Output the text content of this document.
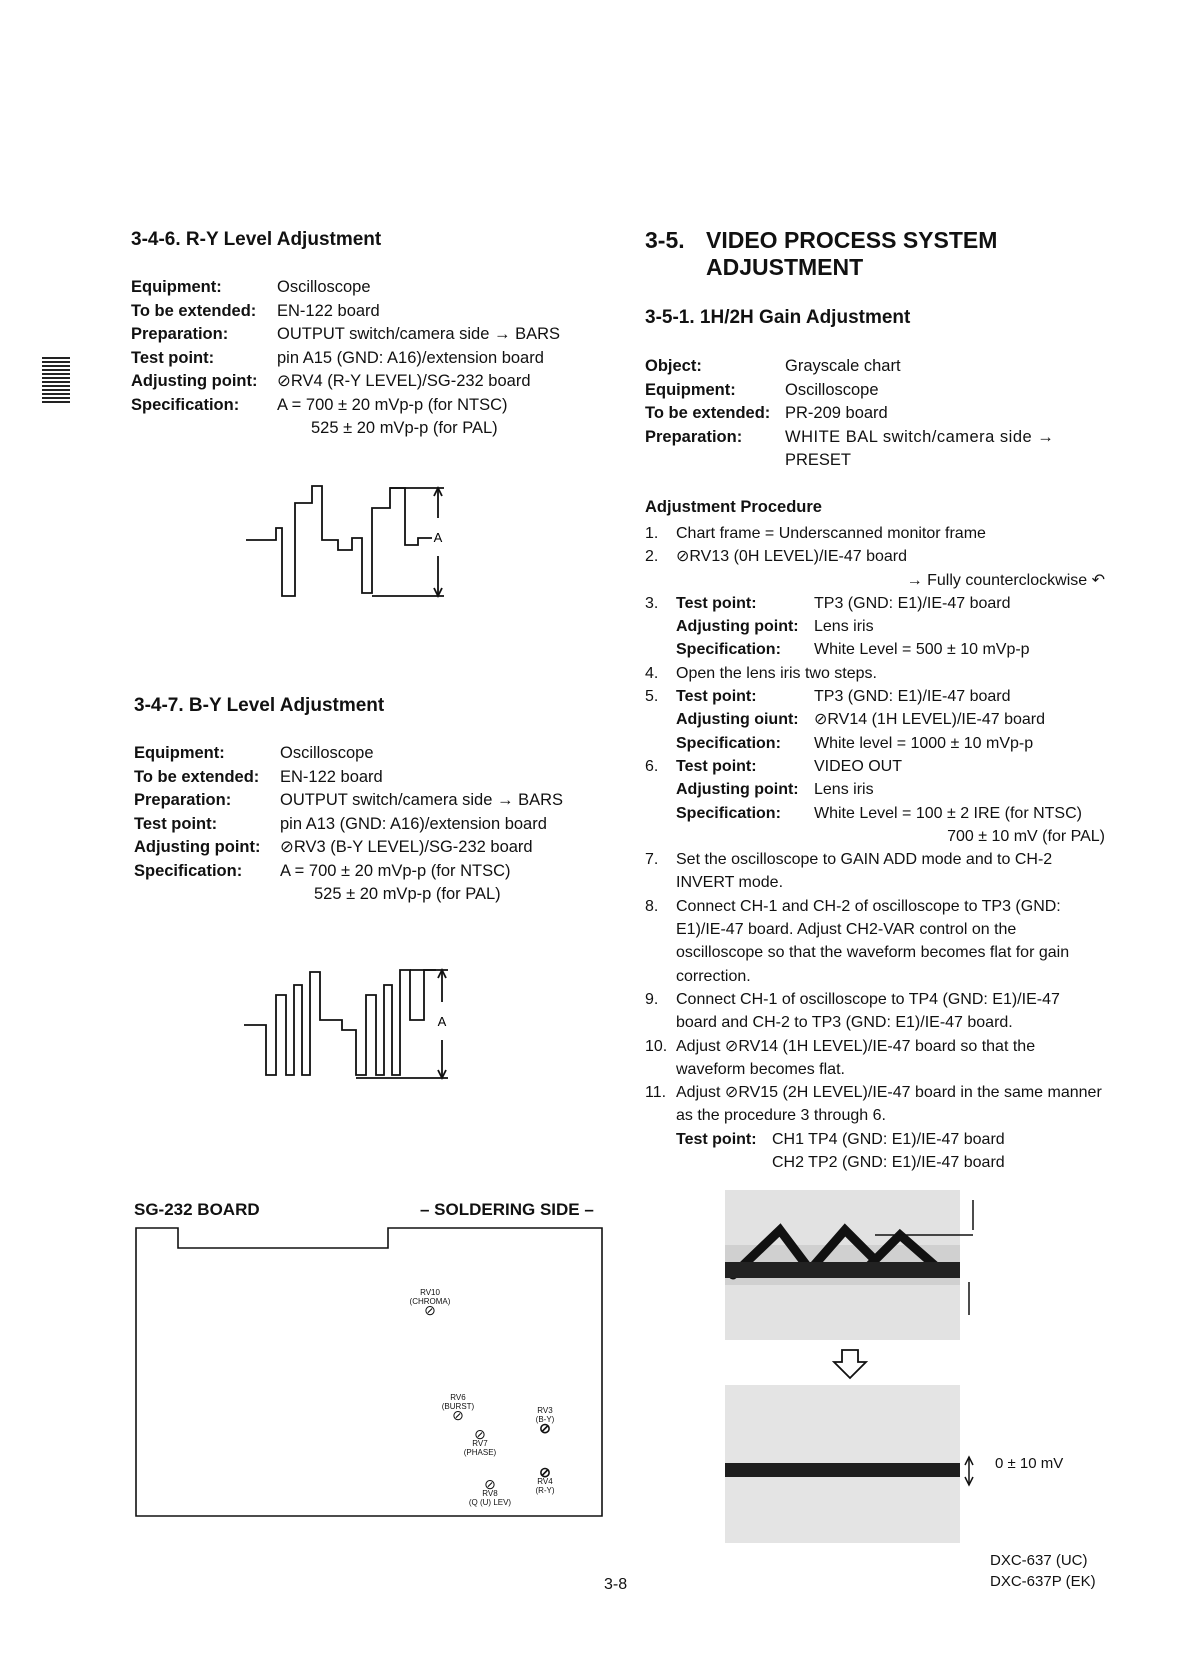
3-4-6. R-Y Level Adjustment
Equipment:	Oscilloscope
To be extended:	EN-122 board
Preparation:	OUTPUT switch/camera side → BARS
Test point:	pin A15 (GND: A16)/extension board
Adjusting point:	⊘RV4 (R-Y LEVEL)/SG-232 board
Specification:	A = 700 ± 20 mVp-p (for NTSC)
525 ± 20 mVp-p (for PAL)
A
3-4-7. B-Y Level Adjustment
Equipment:	Oscilloscope
To be extended:	EN-122 board
Preparation:	OUTPUT switch/camera side → BARS
Test point:	pin A13 (GND: A16)/extension board
Adjusting point:	⊘RV3 (B-Y LEVEL)/SG-232 board
Specification:	A = 700 ± 20 mVp-p (for NTSC)
525 ± 20 mVp-p (for PAL)
A
SG-232 BOARD	– SOLDERING SIDE –
RV10
(CHROMA)
⊘
RV6
(BURST)
⊘	RV3
(B-Y)
⊘
⊘
RV7
(PHASE)
⊘
RV4
(R-Y)
⊘
RV8
(Q (U) LEV)
3-5. VIDEO PROCESS SYSTEM
ADJUSTMENT
3-5-1. 1H/2H Gain Adjustment
Object:	Grayscale chart
Equipment:	Oscilloscope
To be extended: PR-209 board
Preparation:	WHITE BAL switch/camera side →
PRESET
Adjustment Procedure
1.	Chart frame = Underscanned monitor frame
2.	⊘RV13 (0H LEVEL)/IE-47 board
→ Fully counterclockwise ↶
3.	Test point:	TP3 (GND: E1)/IE-47 board
Adjusting point: Lens iris
Specification:	White Level = 500 ± 10 mVp-p
4.	Open the lens iris two steps.
5.	Test point:	TP3 (GND: E1)/IE-47 board
Adjusting oiunt: ⊘RV14 (1H LEVEL)/IE-47 board
Specification:	White level = 1000 ± 10 mVp-p
6.	Test point:	VIDEO OUT
Adjusting point: Lens iris
Specification:	White Level = 100 ± 2 IRE (for NTSC)
700 ± 10 mV (for PAL)
7.	Set the oscilloscope to GAIN ADD mode and to CH-2 INVERT mode.
8.	Connect CH-1 and CH-2 of oscilloscope to TP3 (GND: E1)/IE-47 board. Adjust CH2-VAR control on the oscilloscope so that the waveform becomes flat for gain correction.
9.	Connect CH-1 of oscilloscope to TP4 (GND: E1)/IE-47 board and CH-2 to TP3 (GND: E1)/IE-47 board.
10. Adjust ⊘RV14 (1H LEVEL)/IE-47 board so that the waveform becomes flat.
11. Adjust ⊘RV15 (2H LEVEL)/IE-47 board in the same manner as the procedure 3 through 6.
Test point: CH1 TP4 (GND: E1)/IE-47 board
CH2 TP2 (GND: E1)/IE-47 board
0 ± 10 mV
3-8
DXC-637 (UC)
DXC-637P (EK)
